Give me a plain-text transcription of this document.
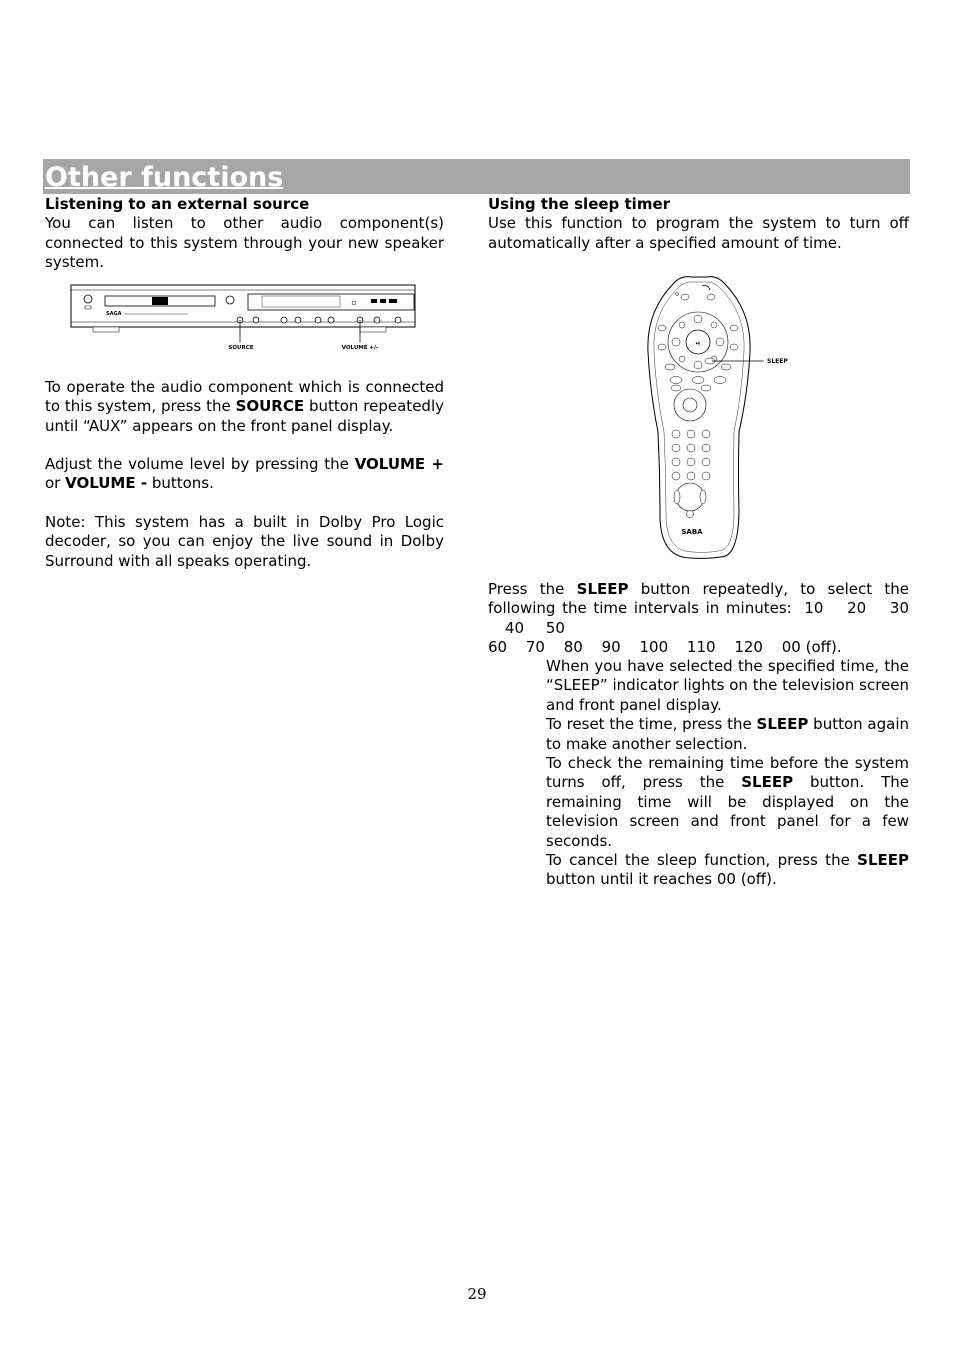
Other functions

Listening to an external source

You can listen to other audio component(s) connected to this system through your new speaker system.

SAGA
SOURCE	VOLUME +/-

To operate the audio component which is connected to this system, press the SOURCE button repeatedly until “AUX” appears on the front panel display.

Adjust the volume level by pressing the VOLUME + or VOLUME - buttons.

Note: This system has a built in Dolby Pro Logic decoder, so you can enjoy the live sound in Dolby Surround with all speaks operating.

Using the sleep timer

Use this function to program the system to turn off automatically after a specified amount of time.

⏯
SABA
SLEEP

Press the SLEEP button repeatedly, to select the following the time intervals in minutes: 10 20 30 40 50

60 70 80 90 100 110 120 00 (off).

When you have selected the specified time, the “SLEEP” indicator lights on the television screen and front panel display.

To reset the time, press the SLEEP button again to make another selection.

To check the remaining time before the system turns off, press the SLEEP button. The remaining time will be displayed on the television screen and front panel for a few seconds.

To cancel the sleep function, press the SLEEP button until it reaches 00 (off).

29
